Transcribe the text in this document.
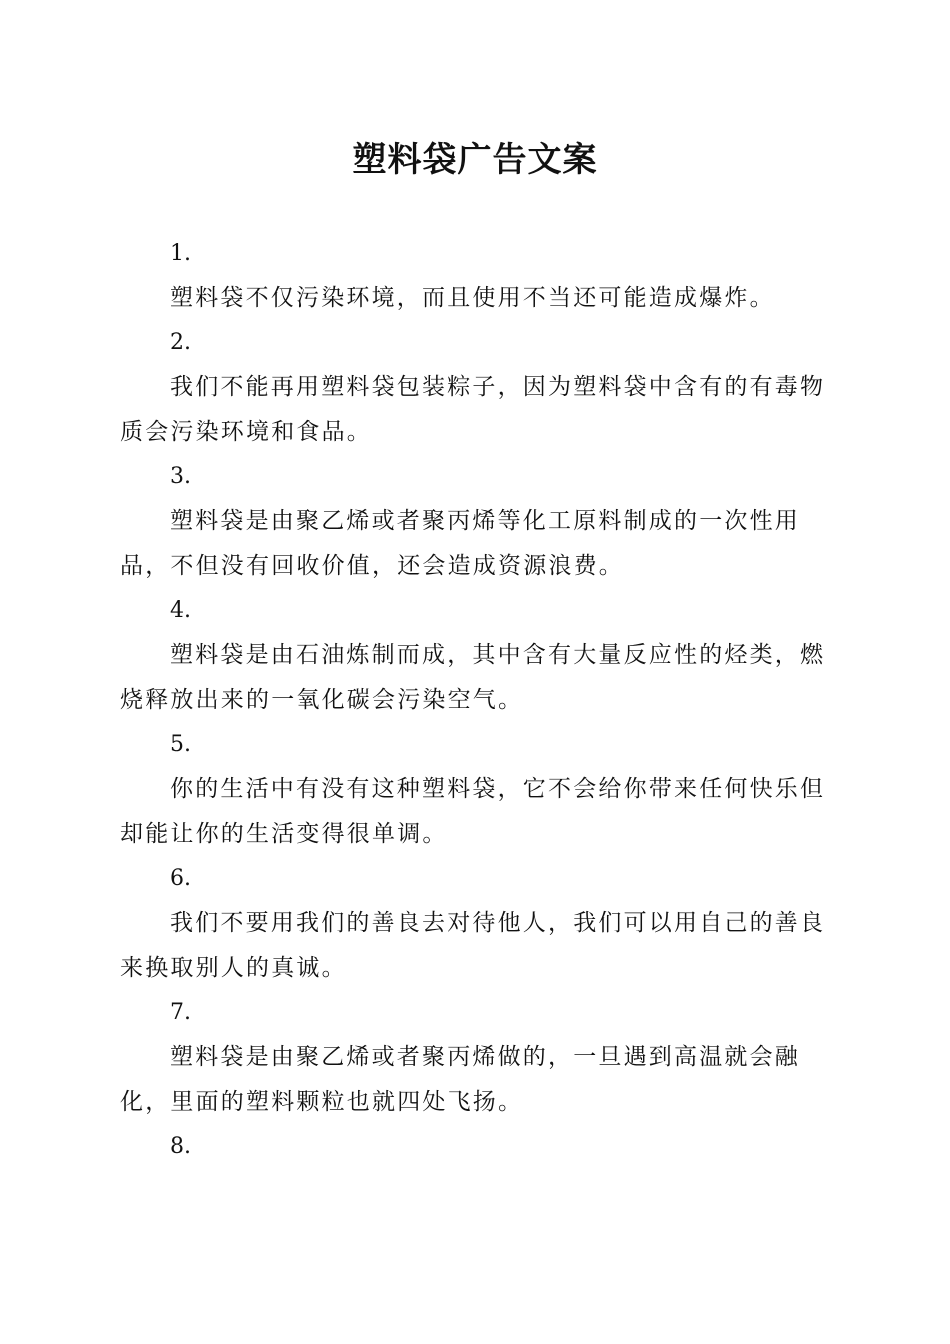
塑料袋广告文案

1.

塑料袋不仅污染环境，而且使用不当还可能造成爆炸。

2.

我们不能再用塑料袋包装粽子，因为塑料袋中含有的有毒物质会污染环境和食品。

3.

塑料袋是由聚乙烯或者聚丙烯等化工原料制成的一次性用品，不但没有回收价值，还会造成资源浪费。

4.

塑料袋是由石油炼制而成，其中含有大量反应性的烃类，燃烧释放出来的一氧化碳会污染空气。

5.

你的生活中有没有这种塑料袋，它不会给你带来任何快乐但却能让你的生活变得很单调。

6.

我们不要用我们的善良去对待他人，我们可以用自己的善良来换取别人的真诚。

7.

塑料袋是由聚乙烯或者聚丙烯做的，一旦遇到高温就会融化，里面的塑料颗粒也就四处飞扬。

8.
